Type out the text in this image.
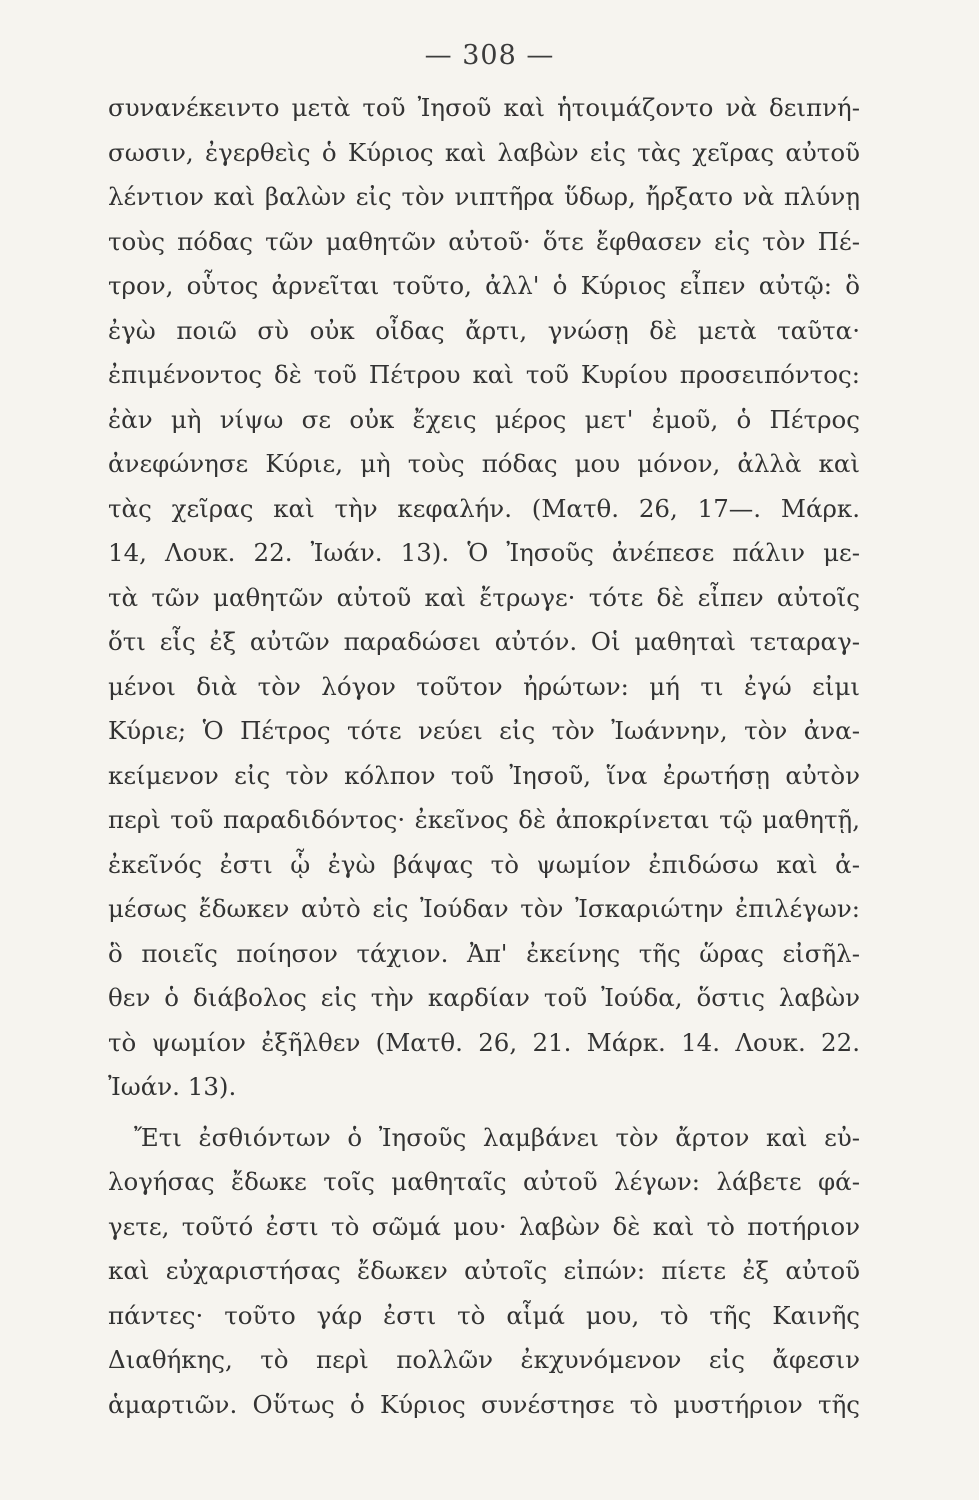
— 308 —
συνανέκειντο μετὰ τοῦ Ἰησοῦ καὶ ἡτοιμάζοντο νὰ δειπνή-
σωσιν, ἐγερθεὶς ὁ Κύριος καὶ λαβὼν εἰς τὰς χεῖρας αὐτοῦ
λέντιον καὶ βαλὼν εἰς τὸν νιπτῆρα ὕδωρ, ἤρξατο νὰ πλύνῃ
τοὺς πόδας τῶν μαθητῶν αὐτοῦ· ὅτε ἔφθασεν εἰς τὸν Πέ-
τρον, οὗτος ἀρνεῖται τοῦτο, ἀλλ' ὁ Κύριος εἶπεν αὐτῷ: ὃ
ἐγὼ ποιῶ σὺ οὐκ οἶδας ἄρτι, γνώσῃ δὲ μετὰ ταῦτα·
ἐπιμένοντος δὲ τοῦ Πέτρου καὶ τοῦ Κυρίου προσειπόντος:
ἐὰν μὴ νίψω σε οὐκ ἔχεις μέρος μετ' ἐμοῦ, ὁ Πέτρος
ἀνεφώνησε Κύριε, μὴ τοὺς πόδας μου μόνον, ἀλλὰ καὶ
τὰς χεῖρας καὶ τὴν κεφαλήν. (Ματθ. 26, 17—. Μάρκ.
14, Λουκ. 22. Ἰωάν. 13). Ὁ Ἰησοῦς ἀνέπεσε πάλιν με-
τὰ τῶν μαθητῶν αὐτοῦ καὶ ἔτρωγε· τότε δὲ εἶπεν αὐτοῖς
ὅτι εἷς ἐξ αὐτῶν παραδώσει αὐτόν. Οἱ μαθηταὶ τεταραγ-
μένοι διὰ τὸν λόγον τοῦτον ἠρώτων: μή τι ἐγώ εἰμι
Κύριε; Ὁ Πέτρος τότε νεύει εἰς τὸν Ἰωάννην, τὸν ἀνα-
κείμενον εἰς τὸν κόλπον τοῦ Ἰησοῦ, ἵνα ἐρωτήσῃ αὐτὸν
περὶ τοῦ παραδιδόντος· ἐκεῖνος δὲ ἀποκρίνεται τῷ μαθητῇ,
ἐκεῖνός ἐστι ᾧ ἐγὼ βάψας τὸ ψωμίον ἐπιδώσω καὶ ἀ-
μέσως ἔδωκεν αὐτὸ εἰς Ἰούδαν τὸν Ἰσκαριώτην ἐπιλέγων:
ὃ ποιεῖς ποίησον τάχιον. Ἀπ' ἐκείνης τῆς ὥρας εἰσῆλ-
θεν ὁ διάβολος εἰς τὴν καρδίαν τοῦ Ἰούδα, ὅστις λαβὼν
τὸ ψωμίον ἐξῆλθεν (Ματθ. 26, 21. Μάρκ. 14. Λουκ. 22.
Ἰωάν. 13).
Ἔτι ἐσθιόντων ὁ Ἰησοῦς λαμβάνει τὸν ἄρτον καὶ εὐ-
λογήσας ἔδωκε τοῖς μαθηταῖς αὐτοῦ λέγων: λάβετε φά-
γετε, τοῦτό ἐστι τὸ σῶμά μου· λαβὼν δὲ καὶ τὸ ποτήριον
καὶ εὐχαριστήσας ἔδωκεν αὐτοῖς εἰπών: πίετε ἐξ αὐτοῦ
πάντες· τοῦτο γάρ ἐστι τὸ αἷμά μου, τὸ τῆς Καινῆς
Διαθήκης, τὸ περὶ πολλῶν ἐκχυνόμενον εἰς ἄφεσιν
ἁμαρτιῶν. Οὕτως ὁ Κύριος συνέστησε τὸ μυστήριον τῆς
